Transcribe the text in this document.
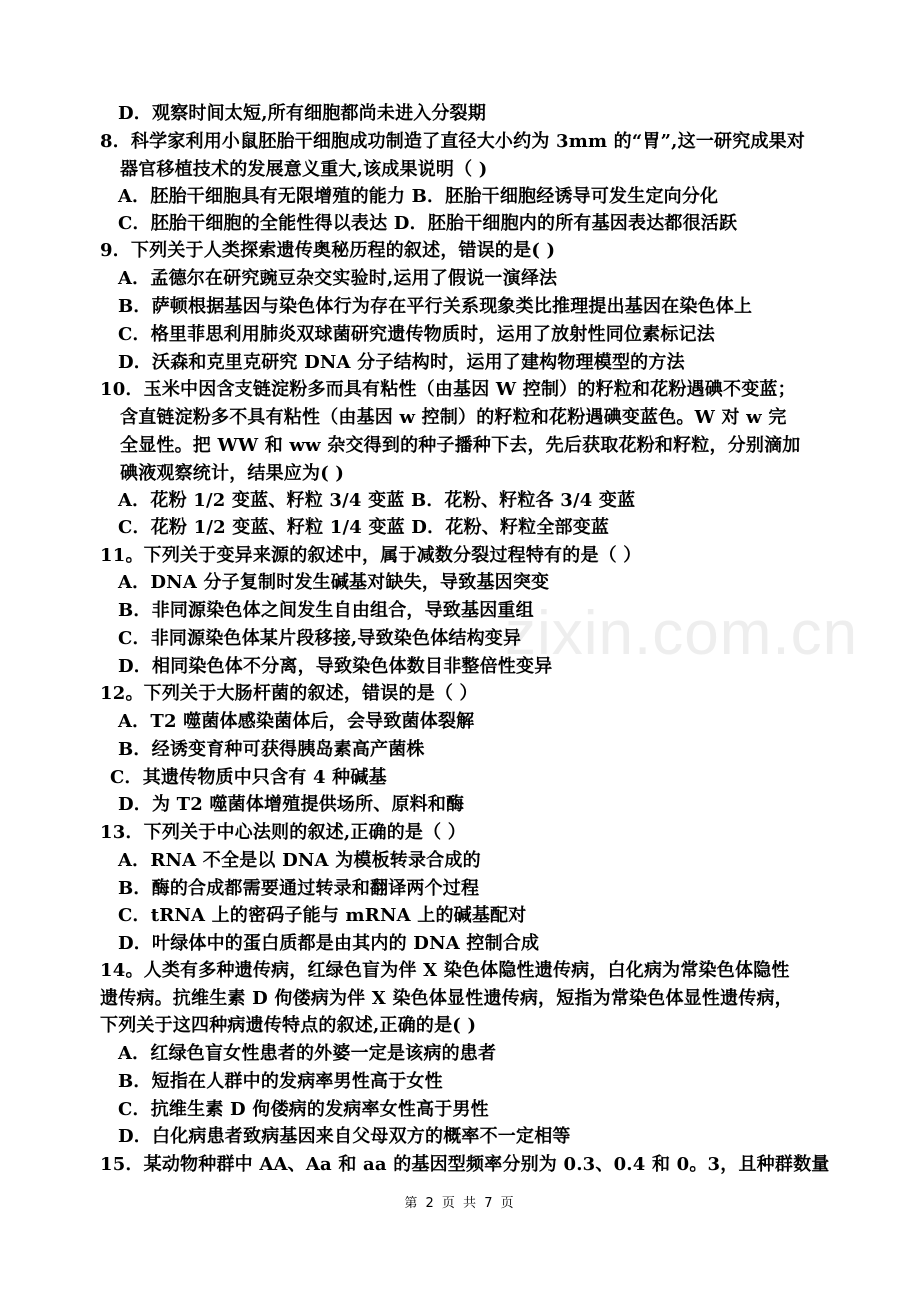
zixin.com.cn
D．观察时间太短,所有细胞都尚未进入分裂期
8．科学家利用小鼠胚胎干细胞成功制造了直径大小约为 3mm 的“胃”,这一研究成果对
器官移植技术的发展意义重大,该成果说明（ )
A．胚胎干细胞具有无限增殖的能力 B．胚胎干细胞经诱导可发生定向分化
C．胚胎干细胞的全能性得以表达 D．胚胎干细胞内的所有基因表达都很活跃
9．下列关于人类探索遗传奥秘历程的叙述，错误的是( )
A．孟德尔在研究豌豆杂交实验时,运用了假说一演绎法
B．萨顿根据基因与染色体行为存在平行关系现象类比推理提出基因在染色体上
C．格里菲思利用肺炎双球菌研究遗传物质时，运用了放射性同位素标记法
D．沃森和克里克研究 DNA 分子结构时，运用了建构物理模型的方法
10．玉米中因含支链淀粉多而具有粘性（由基因 W 控制）的籽粒和花粉遇碘不变蓝；
含直链淀粉多不具有粘性（由基因 w 控制）的籽粒和花粉遇碘变蓝色。W 对 w 完
全显性。把 WW 和 ww 杂交得到的种子播种下去，先后获取花粉和籽粒，分别滴加
碘液观察统计，结果应为( )
A．花粉 1/2 变蓝、籽粒 3/4 变蓝 B．花粉、籽粒各 3/4 变蓝
C．花粉 1/2 变蓝、籽粒 1/4 变蓝 D．花粉、籽粒全部变蓝
11。下列关于变异来源的叙述中，属于减数分裂过程特有的是（ ）
A．DNA 分子复制时发生碱基对缺失，导致基因突变
B．非同源染色体之间发生自由组合，导致基因重组
C．非同源染色体某片段移接,导致染色体结构变异
D．相同染色体不分离，导致染色体数目非整倍性变异
12。下列关于大肠杆菌的叙述，错误的是（ ）
A．T2 噬菌体感染菌体后，会导致菌体裂解
B．经诱变育种可获得胰岛素高产菌株
C．其遗传物质中只含有 4 种碱基
D．为 T2 噬菌体增殖提供场所、原料和酶
13．下列关于中心法则的叙述,正确的是（ ）
A．RNA 不全是以 DNA 为模板转录合成的
B．酶的合成都需要通过转录和翻译两个过程
C．tRNA 上的密码子能与 mRNA 上的碱基配对
D．叶绿体中的蛋白质都是由其内的 DNA 控制合成
14。人类有多种遗传病，红绿色盲为伴 X 染色体隐性遗传病，白化病为常染色体隐性
遗传病。抗维生素 D 佝偻病为伴 X 染色体显性遗传病，短指为常染色体显性遗传病，
下列关于这四种病遗传特点的叙述,正确的是( )
A．红绿色盲女性患者的外婆一定是该病的患者
B．短指在人群中的发病率男性高于女性
C．抗维生素 D 佝偻病的发病率女性高于男性
D．白化病患者致病基因来自父母双方的概率不一定相等
15．某动物种群中 AA、Aa 和 aa 的基因型频率分别为 0.3、0.4 和 0。3，且种群数量
第 2 页 共 7 页
